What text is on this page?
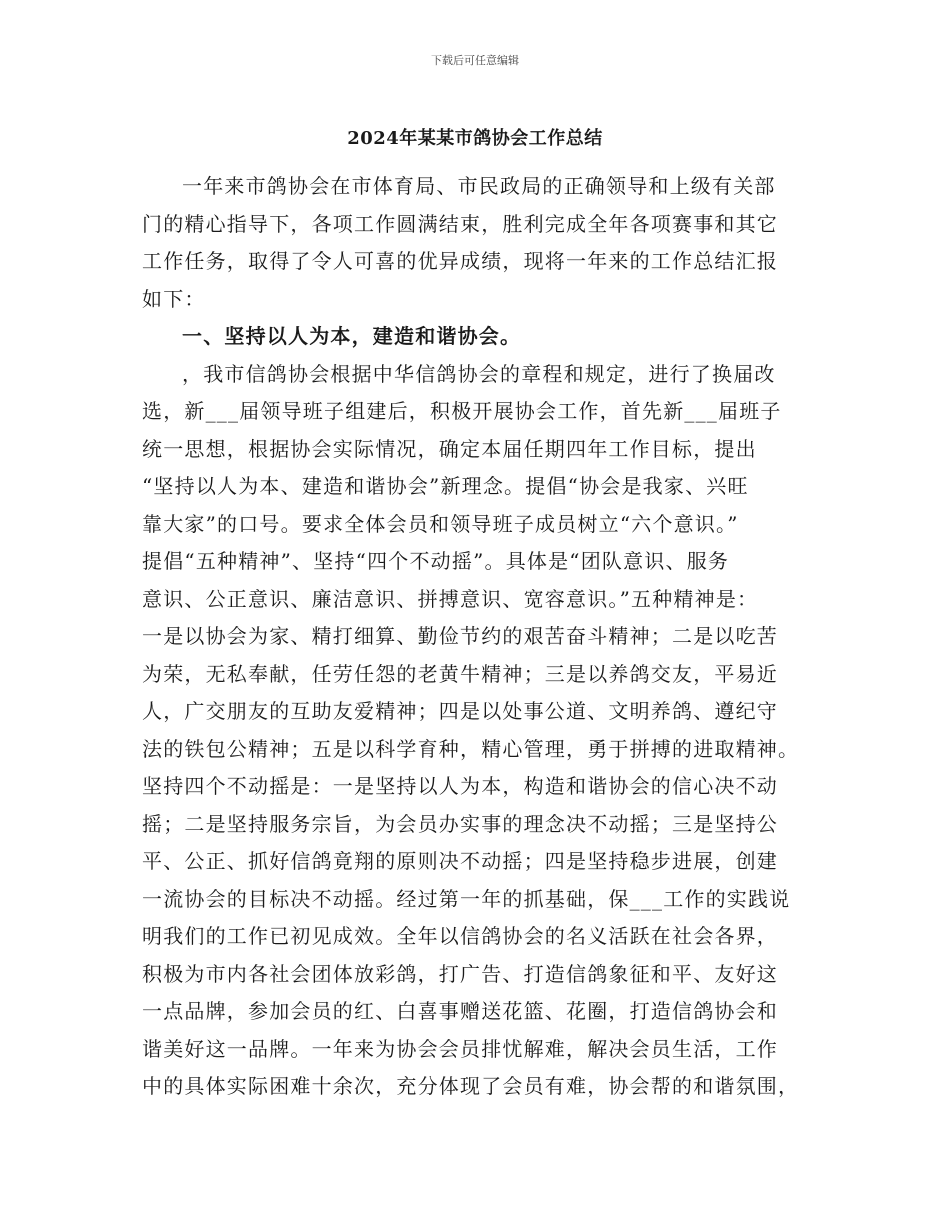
下载后可任意编辑
2024年某某市鸽协会工作总结
一年来市鸽协会在市体育局、市民政局的正确领导和上级有关部
门的精心指导下，各项工作圆满结束，胜利完成全年各项赛事和其它
工作任务，取得了令人可喜的优异成绩，现将一年来的工作总结汇报
如下：
一、坚持以人为本，建造和谐协会。
，我市信鸽协会根据中华信鸽协会的章程和规定，进行了换届改
选，新___届领导班子组建后，积极开展协会工作，首先新___届班子
统一思想，根据协会实际情况，确定本届任期四年工作目标，提出
“坚持以人为本、建造和谐协会”新理念。提倡“协会是我家、兴旺
靠大家”的口号。要求全体会员和领导班子成员树立“六个意识。”
提倡“五种精神”、坚持“四个不动摇”。具体是“团队意识、服务
意识、公正意识、廉洁意识、拼搏意识、宽容意识。”五种精神是：
一是以协会为家、精打细算、勤俭节约的艰苦奋斗精神；二是以吃苦
为荣，无私奉献，任劳任怨的老黄牛精神；三是以养鸽交友，平易近
人，广交朋友的互助友爱精神；四是以处事公道、文明养鸽、遵纪守
法的铁包公精神；五是以科学育种，精心管理，勇于拼搏的进取精神。
坚持四个不动摇是：一是坚持以人为本，构造和谐协会的信心决不动
摇；二是坚持服务宗旨，为会员办实事的理念决不动摇；三是坚持公
平、公正、抓好信鸽竟翔的原则决不动摇；四是坚持稳步进展，创建
一流协会的目标决不动摇。经过第一年的抓基础，保___工作的实践说
明我们的工作已初见成效。全年以信鸽协会的名义活跃在社会各界，
积极为市内各社会团体放彩鸽，打广告、打造信鸽象征和平、友好这
一点品牌，参加会员的红、白喜事赠送花篮、花圈，打造信鸽协会和
谐美好这一品牌。一年来为协会会员排忧解难，解决会员生活，工作
中的具体实际困难十余次，充分体现了会员有难，协会帮的和谐氛围，
